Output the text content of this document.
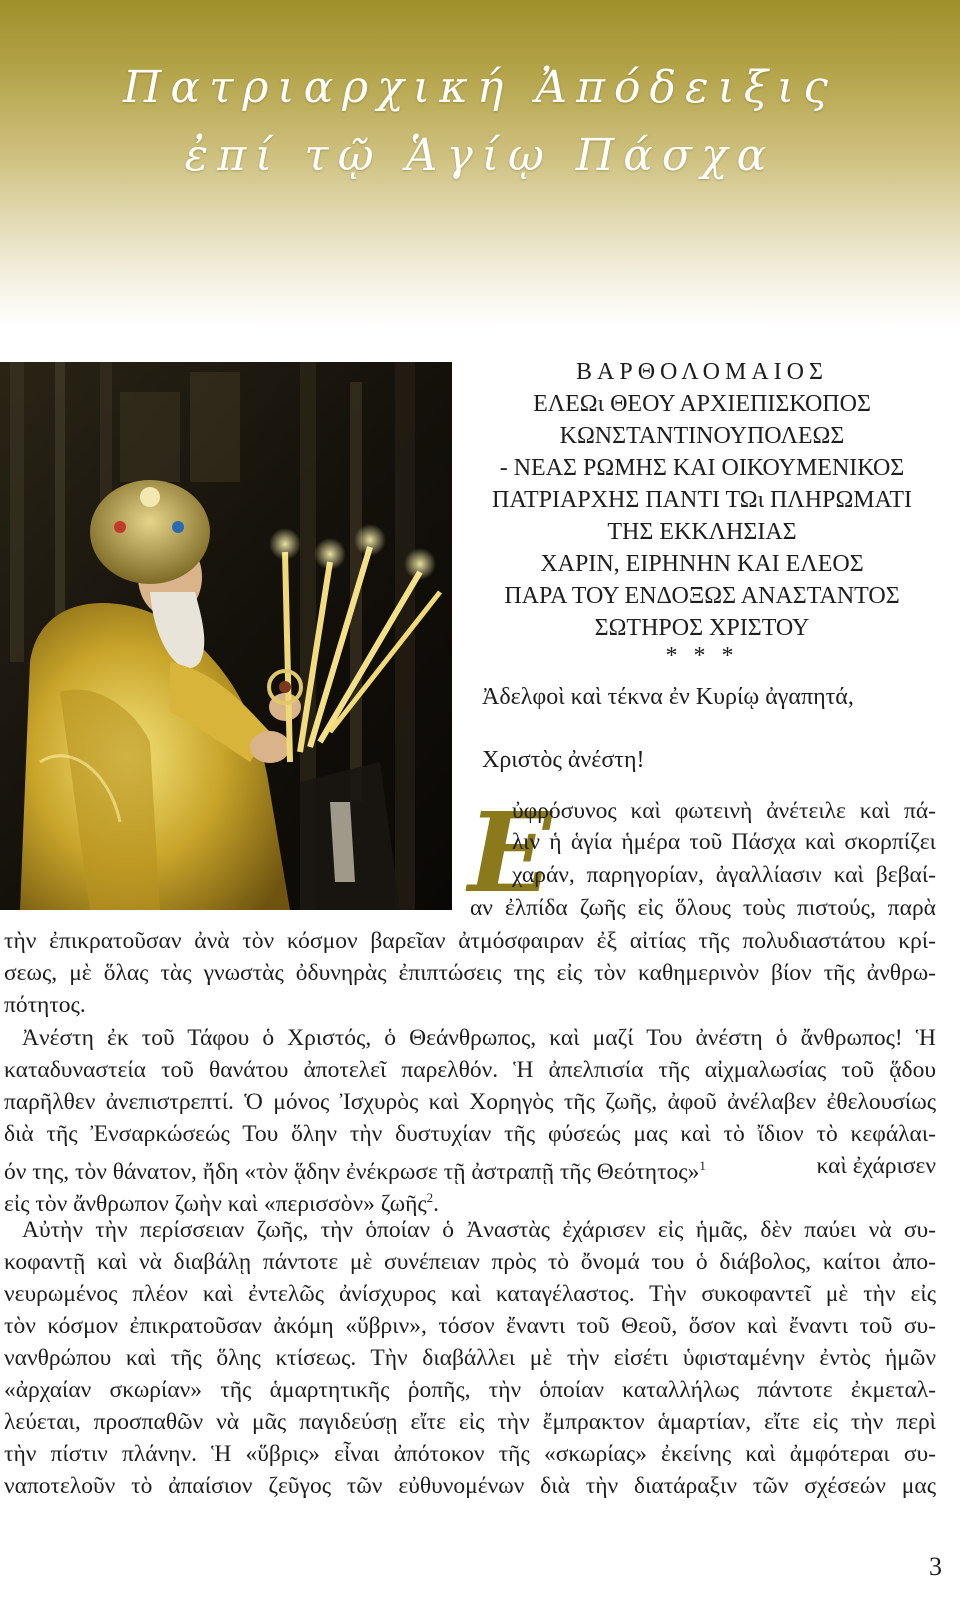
Πατριαρχική Ἀπόδειξις
ἐπί τῷ Ἁγίῳ Πάσχα
ΒΑΡΘΟΛΟΜΑΙΟΣ
ΕΛΕΩι ΘΕΟΥ ΑΡΧΙΕΠΙΣΚΟΠΟΣ
ΚΩΝΣΤΑΝΤΙΝΟΥΠΟΛΕΩΣ
- ΝΕΑΣ ΡΩΜΗΣ ΚΑΙ ΟΙΚΟΥΜΕΝΙΚΟΣ
ΠΑΤΡΙΑΡΧΗΣ ΠΑΝΤΙ ΤΩι ΠΛΗΡΩΜΑΤΙ
ΤΗΣ ΕΚΚΛΗΣΙΑΣ
ΧΑΡΙΝ, ΕΙΡΗΝΗΝ ΚΑΙ ΕΛΕΟΣ
ΠΑΡΑ ΤΟΥ ΕΝΔΟΞΩΣ ΑΝΑΣΤΑΝΤΟΣ
ΣΩΤΗΡΟΣ ΧΡΙΣΤΟΥ
* * *
Ἀδελφοὶ καὶ τέκνα ἐν Κυρίῳ ἀγαπητά,
Χριστὸς ἀνέστη!
Ε
ὐφρόσυνος καὶ φωτεινὴ ἀνέτειλε καὶ πά-
λιν ἡ ἁγία ἡμέρα τοῦ Πάσχα καὶ σκορπίζει
χαράν, παρηγορίαν, ἀγαλλίασιν καὶ βεβαί-
αν ἐλπίδα ζωῆς εἰς ὅλους τοὺς πιστούς, παρὰ
τὴν ἐπικρατοῦσαν ἀνὰ τὸν κόσμον βαρεῖαν ἀτμόσφαιραν ἐξ αἰτίας τῆς πολυδιαστάτου κρί-
σεως, μὲ ὅλας τὰς γνωστὰς ὀδυνηρὰς ἐπιπτώσεις της εἰς τὸν καθημερινὸν βίον τῆς ἀνθρω-
πότητος.
Ἀνέστη ἐκ τοῦ Τάφου ὁ Χριστός, ὁ Θεάνθρωπος, καὶ μαζί Του ἀνέστη ὁ ἄνθρωπος! Ἡ
καταδυναστεία τοῦ θανάτου ἀποτελεῖ παρελθόν. Ἡ ἀπελπισία τῆς αἰχμαλωσίας τοῦ ᾅδου
παρῆλθεν ἀνεπιστρεπτί. Ὁ μόνος Ἰσχυρὸς καὶ Χορηγὸς τῆς ζωῆς, ἀφοῦ ἀνέλαβεν ἐθελουσίως
διὰ τῆς Ἐνσαρκώσεώς Του ὅλην τὴν δυστυχίαν τῆς φύσεώς μας καὶ τὸ ἴδιον τὸ κεφάλαι-
όν της, τὸν θάνατον, ἤδη «τὸν ᾅδην ἐνέκρωσε τῇ ἀστραπῇ τῆς Θεότητος»$^1$	καὶ ἐχάρισεν
εἰς τὸν ἄνθρωπον ζωὴν καὶ «περισσὸν» ζωῆς$^2$.
Αὐτὴν τὴν περίσσειαν ζωῆς, τὴν ὁποίαν ὁ Ἀναστὰς ἐχάρισεν εἰς ἡμᾶς, δὲν παύει νὰ συ-
κοφαντῇ καὶ νὰ διαβάλῃ πάντοτε μὲ συνέπειαν πρὸς τὸ ὄνομά του ὁ διάβολος, καίτοι ἀπο-
νευρωμένος πλέον καὶ ἐντελῶς ἀνίσχυρος καὶ καταγέλαστος. Τὴν συκοφαντεῖ μὲ τὴν εἰς
τὸν κόσμον ἐπικρατοῦσαν ἀκόμη «ὕβριν», τόσον ἔναντι τοῦ Θεοῦ, ὅσον καὶ ἔναντι τοῦ συ-
νανθρώπου καὶ τῆς ὅλης κτίσεως. Τὴν διαβάλλει μὲ τὴν εἰσέτι ὑφισταμένην ἐντὸς ἡμῶν
«ἀρχαίαν σκωρίαν» τῆς ἁμαρτητικῆς ῥοπῆς, τὴν ὁποίαν καταλλήλως πάντοτε ἐκμεταλ-
λεύεται, προσπαθῶν νὰ μᾶς παγιδεύσῃ εἴτε εἰς τὴν ἔμπρακτον ἁμαρτίαν, εἴτε εἰς τὴν περὶ
τὴν πίστιν πλάνην. Ἡ «ὕβρις» εἶναι ἀπότοκον τῆς «σκωρίας» ἐκείνης καὶ ἀμφότεραι συ-
ναποτελοῦν τὸ ἀπαίσιον ζεῦγος τῶν εὐθυνομένων διὰ τὴν διατάραξιν τῶν σχέσεών μας
3
